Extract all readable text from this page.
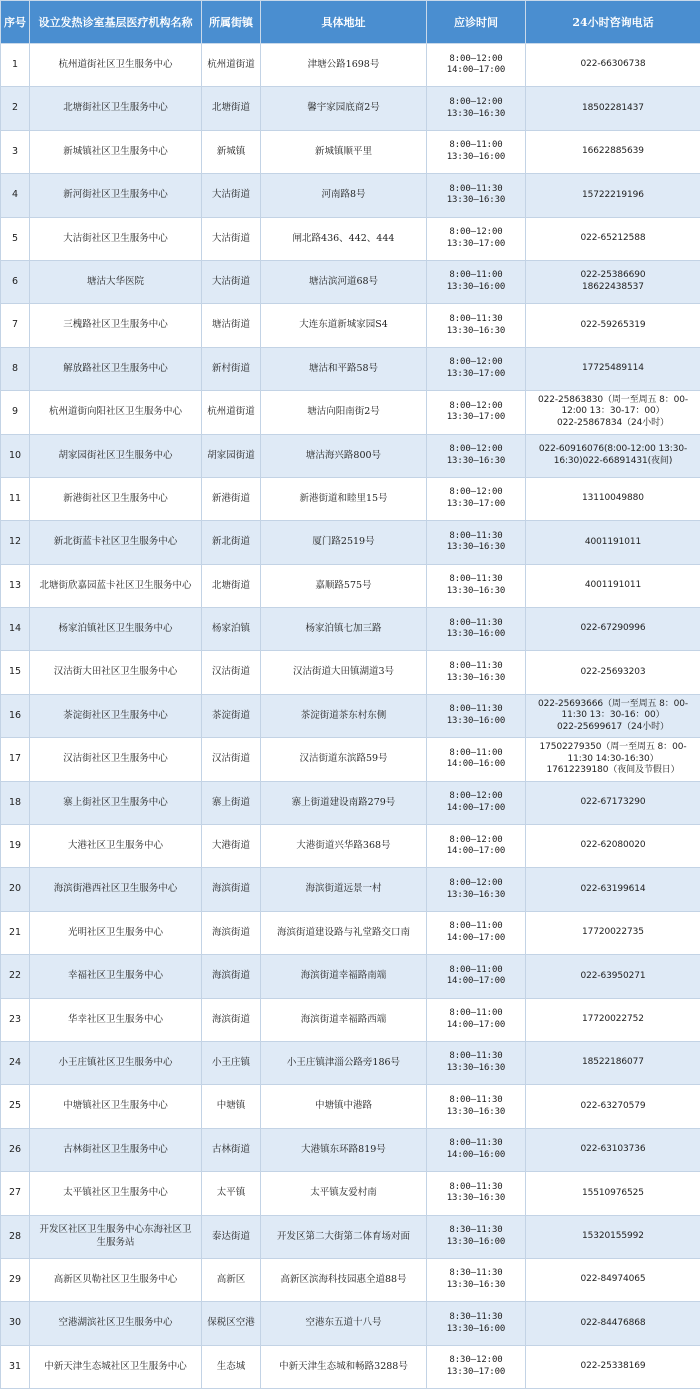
序号	设立发热诊室基层医疗机构名称	所属街镇	具体地址	应诊时间	24小时咨询电话
1	杭州道街社区卫生服务中心	杭州道街道	津塘公路1698号	8:00—12:00
14:00—17:00	022-66306738
2	北塘街社区卫生服务中心	北塘街道	馨宇家园底商2号	8:00—12:00
13:30—16:30	18502281437
3	新城镇社区卫生服务中心	新城镇	新城镇顺平里	8:00—11:00
13:30—16:00	16622885639
4	新河街社区卫生服务中心	大沽街道	河南路8号	8:00—11:30
13:30—16:30	15722219196
5	大沽街社区卫生服务中心	大沽街道	闸北路436、442、444	8:00—12:00
13:30—17:00	022-65212588
6	塘沽大华医院	大沽街道	塘沽滨河道68号	8:00—11:00
13:30—16:00	022-25386690
18622438537
7	三槐路社区卫生服务中心	塘沽街道	大连东道新城家园S4	8:00—11:30
13:30—16:30	022-59265319
8	解放路社区卫生服务中心	新村街道	塘沽和平路58号	8:00—12:00
13:30—17:00	17725489114
9	杭州道街向阳社区卫生服务中心	杭州道街道	塘沽向阳南街2号	8:00—12:00
13:30—17:00	022-25863830（周一至周五 8：00-
12:00 13：30-17：00）
022-25867834（24小时）
10	胡家园街社区卫生服务中心	胡家园街道	塘沽海兴路800号	8:00—12:00
13:30—16:30	022-60916076(8:00-12:00 13:30-
16:30)022-66891431(夜间)
11	新港街社区卫生服务中心	新港街道	新港街道和睦里15号	8:00—12:00
13:30—17:00	13110049880
12	新北街蓝卡社区卫生服务中心	新北街道	厦门路2519号	8:00—11:30
13:30—16:30	4001191011
13	北塘街欣嘉园蓝卡社区卫生服务中心	北塘街道	嘉顺路575号	8:00—11:30
13:30—16:30	4001191011
14	杨家泊镇社区卫生服务中心	杨家泊镇	杨家泊镇七加三路	8:00—11:30
13:30—16:00	022-67290996
15	汉沽街大田社区卫生服务中心	汉沽街道	汉沽街道大田镇湖道3号	8:00—11:30
13:30—16:30	022-25693203
16	茶淀街社区卫生服务中心	茶淀街道	茶淀街道茶东村东侧	8:00—11:30
13:30—16:00	022-25693666（周一至周五 8：00-
11:30 13：30-16：00）
022-25699617（24小时）
17	汉沽街社区卫生服务中心	汉沽街道	汉沽街道东滨路59号	8:00—11:00
14:00—16:00	17502279350（周一至周五 8：00-
11:30 14:30-16:30）
17612239180（夜间及节假日）
18	寨上街社区卫生服务中心	寨上街道	寨上街道建设南路279号	8:00—12:00
14:00—17:00	022-67173290
19	大港社区卫生服务中心	大港街道	大港街道兴华路368号	8:00—12:00
14:00—17:00	022-62080020
20	海滨街港西社区卫生服务中心	海滨街道	海滨街道远景一村	8:00—12:00
13:30—16:30	022-63199614
21	光明社区卫生服务中心	海滨街道	海滨街道建设路与礼堂路交口南	8:00—11:00
14:00—17:00	17720022735
22	幸福社区卫生服务中心	海滨街道	海滨街道幸福路南端	8:00—11:00
14:00—17:00	022-63950271
23	华幸社区卫生服务中心	海滨街道	海滨街道幸福路西端	8:00—11:00
14:00—17:00	17720022752
24	小王庄镇社区卫生服务中心	小王庄镇	小王庄镇津淄公路旁186号	8:00—11:30
13:30—16:30	18522186077
25	中塘镇社区卫生服务中心	中塘镇	中塘镇中港路	8:00—11:30
13:30—16:30	022-63270579
26	古林街社区卫生服务中心	古林街道	大港镇东环路819号	8:00—11:30
14:00—16:00	022-63103736
27	太平镇社区卫生服务中心	太平镇	太平镇友爱村南	8:00—11:30
13:30—16:30	15510976525
28	开发区社区卫生服务中心东海社区卫
生服务站	泰达街道	开发区第二大街第二体育场对面	8:30—11:30
13:30—16:00	15320155992
29	高新区贝勒社区卫生服务中心	高新区	高新区滨海科技园惠全道88号	8:30—11:30
13:30—16:30	022-84974065
30	空港湖滨社区卫生服务中心	保税区空港	空港东五道十八号	8:30—11:30
13:30—16:00	022-84476868
31	中新天津生态城社区卫生服务中心	生态城	中新天津生态城和畅路3288号	8:30—12:00
13:30—17:00	022-25338169
